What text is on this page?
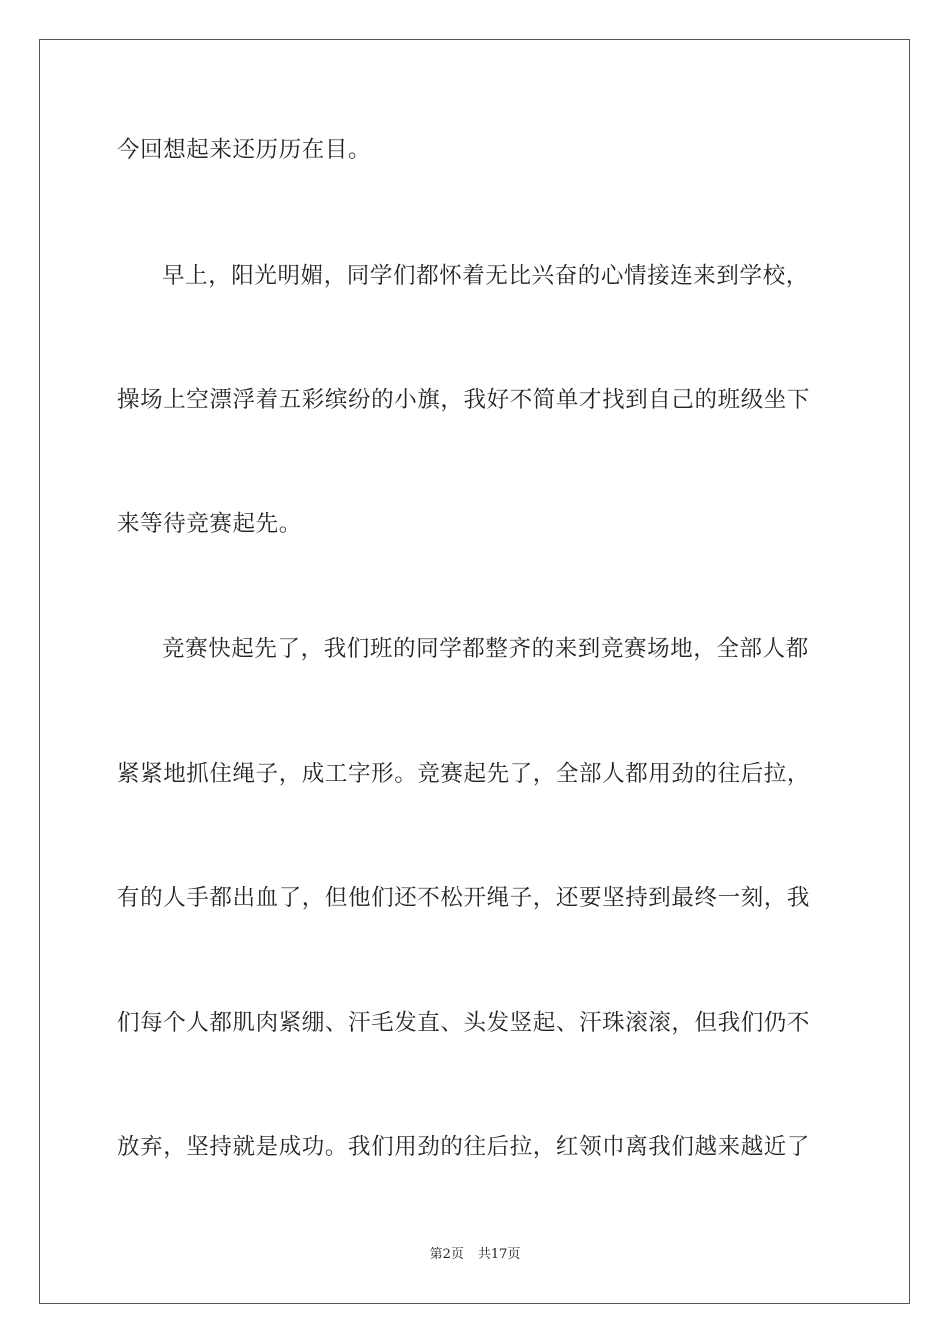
今回想起来还历历在目。
早上，阳光明媚，同学们都怀着无比兴奋的心情接连来到学校，
操场上空漂浮着五彩缤纷的小旗，我好不简单才找到自己的班级坐下
来等待竞赛起先。
竞赛快起先了，我们班的同学都整齐的来到竞赛场地，全部人都
紧紧地抓住绳子，成工字形。竞赛起先了，全部人都用劲的往后拉，
有的人手都出血了，但他们还不松开绳子，还要坚持到最终一刻，我
们每个人都肌肉紧绷、汗毛发直、头发竖起、汗珠滚滚，但我们仍不
放弃，坚持就是成功。我们用劲的往后拉，红领巾离我们越来越近了
第2页 共17页
